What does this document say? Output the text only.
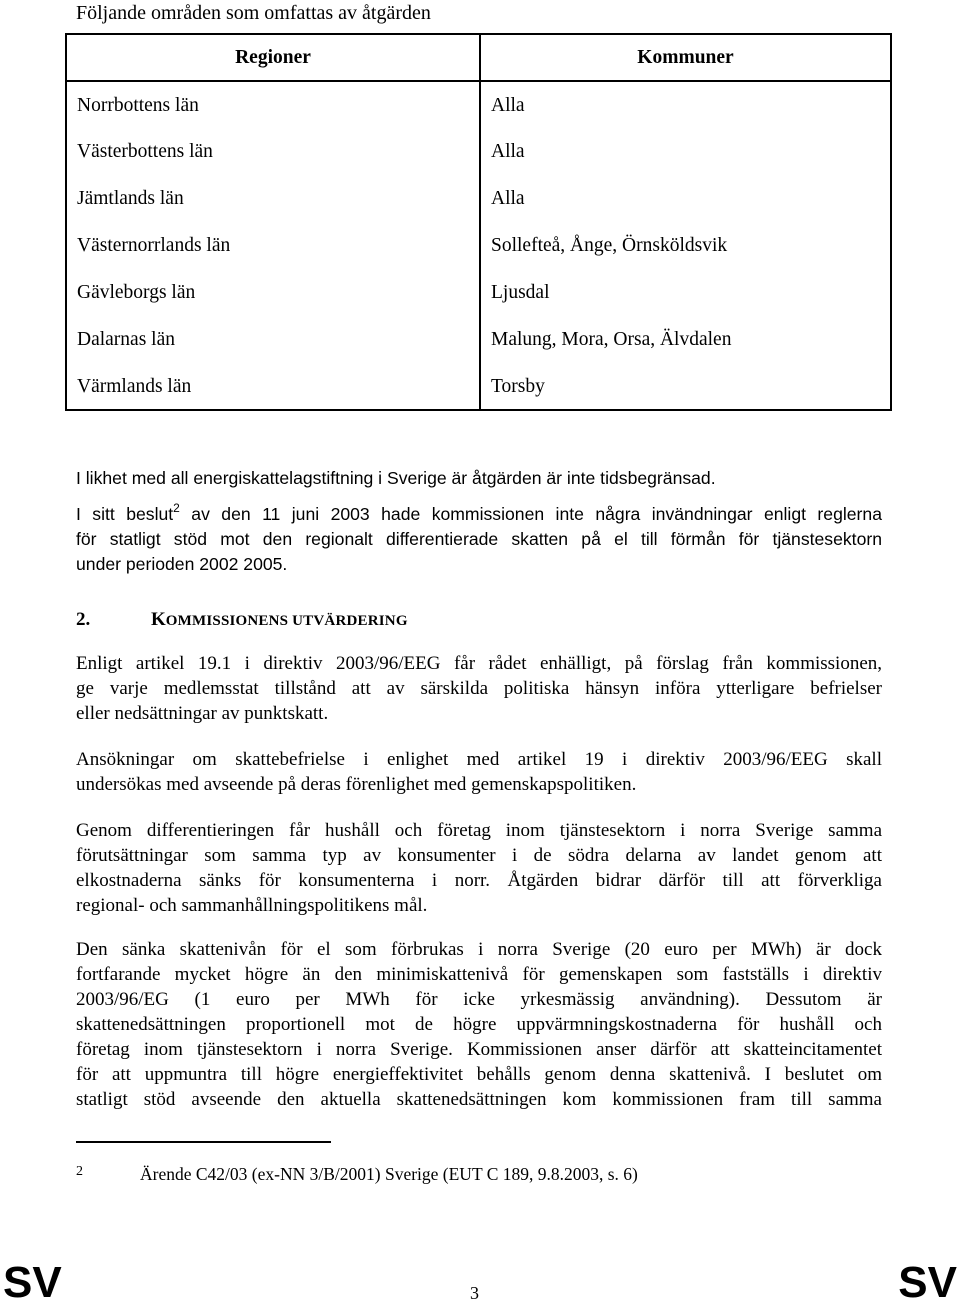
Följande områden som omfattas av åtgärden
Regioner	Kommuner
Norrbottens län	Alla
Västerbottens län	Alla
Jämtlands län	Alla
Västernorrlands län	Sollefteå, Ånge, Örnsköldsvik
Gävleborgs län	Ljusdal
Dalarnas län	Malung, Mora, Orsa, Älvdalen
Värmlands län	Torsby
I likhet med all energiskattelagstiftning i Sverige är åtgärden är inte tidsbegränsad.
I sitt beslut$^2$ av den 11 juni 2003 hade kommissionen inte några invändningar enligt reglerna
för statligt stöd mot den regionalt differentierade skatten på el till förmån för tjänstesektorn
under perioden 2002 2005.
2.	KOMMISSIONENS UTVÄRDERING
Enligt artikel 19.1 i direktiv 2003/96/EEG får rådet enhälligt, på förslag från kommissionen,
ge varje medlemsstat tillstånd att av särskilda politiska hänsyn införa ytterligare befrielser
eller nedsättningar av punktskatt.
Ansökningar om skattebefrielse i enlighet med artikel 19 i direktiv 2003/96/EEG skall
undersökas med avseende på deras förenlighet med gemenskapspolitiken.
Genom differentieringen får hushåll och företag inom tjänstesektorn i norra Sverige samma
förutsättningar som samma typ av konsumenter i de södra delarna av landet genom att
elkostnaderna sänks för konsumenterna i norr. Åtgärden bidrar därför till att förverkliga
regional- och sammanhållningspolitikens mål.
Den sänka skattenivån för el som förbrukas i norra Sverige (20 euro per MWh) är dock
fortfarande mycket högre än den minimiskattenivå för gemenskapen som fastställs i direktiv
2003/96/EG (1 euro per MWh för icke yrkesmässig användning). Dessutom är
skattenedsättningen proportionell mot de högre uppvärmningskostnaderna för hushåll och
företag inom tjänstesektorn i norra Sverige. Kommissionen anser därför att skatteincitamentet
för att uppmuntra till högre energieffektivitet behålls genom denna skattenivå. I beslutet om
statligt stöd avseende den aktuella skattenedsättningen kom kommissionen fram till samma
2	Ärende C42/03 (ex-NN 3/B/2001) Sverige (EUT C 189, 9.8.2003, s. 6)
SV	3	SV
